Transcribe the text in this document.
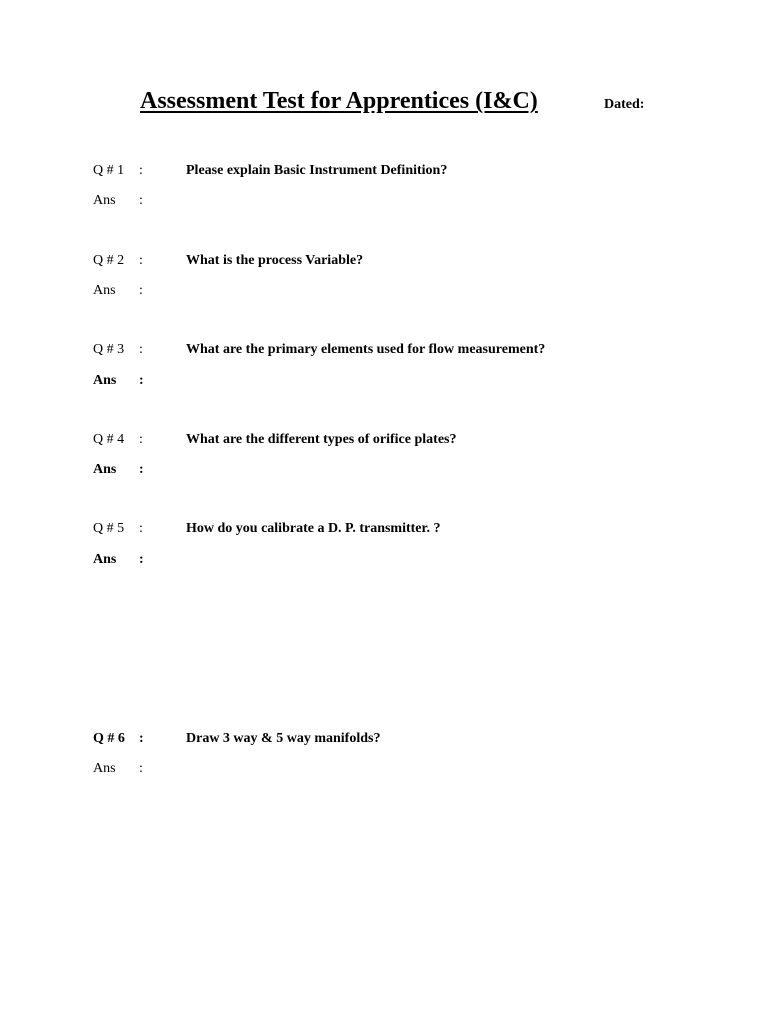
Assessment Test for Apprentices (I&C)	Dated:
Q # 1 :	Please explain Basic Instrument Definition?
Ans :
Q # 2 :	What is the process Variable?
Ans :
Q # 3 :	What are the primary elements used for flow measurement?
Ans :
Q # 4 :	What are the different types of orifice plates?
Ans :
Q # 5 :	How do you calibrate a D. P. transmitter. ?
Ans :
Q # 6 :	Draw 3 way & 5 way manifolds?
Ans :
